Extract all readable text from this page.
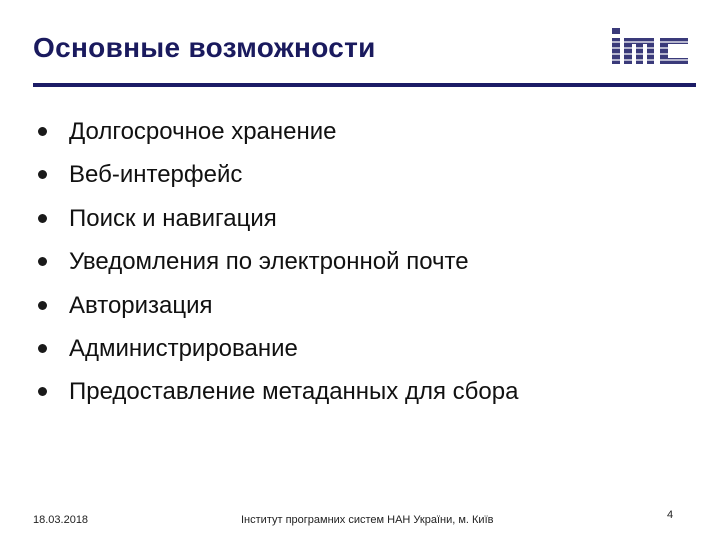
Основные возможности
Долгосрочное хранение
Веб-интерфейс
Поиск и навигация
Уведомления по электронной почте
Авторизация
Администрирование
Предоставление метаданных для сбора
18.03.2018	Інститут програмних систем НАН України, м. Київ	4
